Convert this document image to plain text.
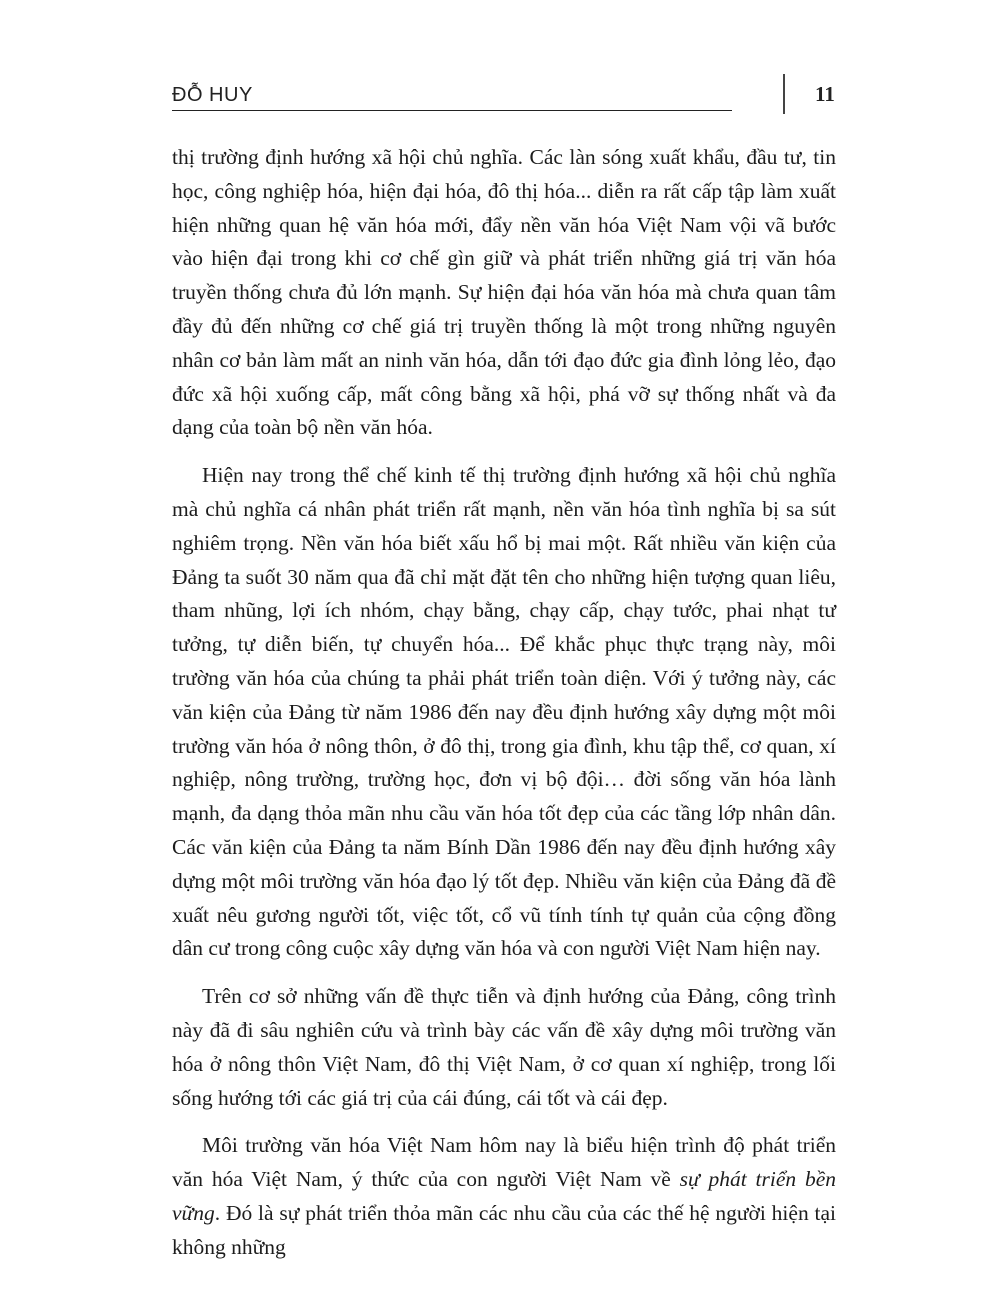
ĐỖ HUY	11

thị trường định hướng xã hội chủ nghĩa. Các làn sóng xuất khẩu, đầu tư, tin học, công nghiệp hóa, hiện đại hóa, đô thị hóa... diễn ra rất cấp tập làm xuất hiện những quan hệ văn hóa mới, đẩy nền văn hóa Việt Nam vội vã bước vào hiện đại trong khi cơ chế gìn giữ và phát triển những giá trị văn hóa truyền thống chưa đủ lớn mạnh. Sự hiện đại hóa văn hóa mà chưa quan tâm đầy đủ đến những cơ chế giá trị truyền thống là một trong những nguyên nhân cơ bản làm mất an ninh văn hóa, dẫn tới đạo đức gia đình lỏng lẻo, đạo đức xã hội xuống cấp, mất công bằng xã hội, phá vỡ sự thống nhất và đa dạng của toàn bộ nền văn hóa.

Hiện nay trong thể chế kinh tế thị trường định hướng xã hội chủ nghĩa mà chủ nghĩa cá nhân phát triển rất mạnh, nền văn hóa tình nghĩa bị sa sút nghiêm trọng. Nền văn hóa biết xấu hổ bị mai một. Rất nhiều văn kiện của Đảng ta suốt 30 năm qua đã chỉ mặt đặt tên cho những hiện tượng quan liêu, tham nhũng, lợi ích nhóm, chạy bằng, chạy cấp, chạy tước, phai nhạt tư tưởng, tự diễn biến, tự chuyển hóa... Để khắc phục thực trạng này, môi trường văn hóa của chúng ta phải phát triển toàn diện. Với ý tưởng này, các văn kiện của Đảng từ năm 1986 đến nay đều định hướng xây dựng một môi trường văn hóa ở nông thôn, ở đô thị, trong gia đình, khu tập thể, cơ quan, xí nghiệp, nông trường, trường học, đơn vị bộ đội… đời sống văn hóa lành mạnh, đa dạng thỏa mãn nhu cầu văn hóa tốt đẹp của các tầng lớp nhân dân. Các văn kiện của Đảng ta năm Bính Dần 1986 đến nay đều định hướng xây dựng một môi trường văn hóa đạo lý tốt đẹp. Nhiều văn kiện của Đảng đã đề xuất nêu gương người tốt, việc tốt, cổ vũ tính tính tự quản của cộng đồng dân cư trong công cuộc xây dựng văn hóa và con người Việt Nam hiện nay.

Trên cơ sở những vấn đề thực tiễn và định hướng của Đảng, công trình này đã đi sâu nghiên cứu và trình bày các vấn đề xây dựng môi trường văn hóa ở nông thôn Việt Nam, đô thị Việt Nam, ở cơ quan xí nghiệp, trong lối sống hướng tới các giá trị của cái đúng, cái tốt và cái đẹp.

Môi trường văn hóa Việt Nam hôm nay là biểu hiện trình độ phát triển văn hóa Việt Nam, ý thức của con người Việt Nam về sự phát triển bền vững. Đó là sự phát triển thỏa mãn các nhu cầu của các thế hệ người hiện tại không những
